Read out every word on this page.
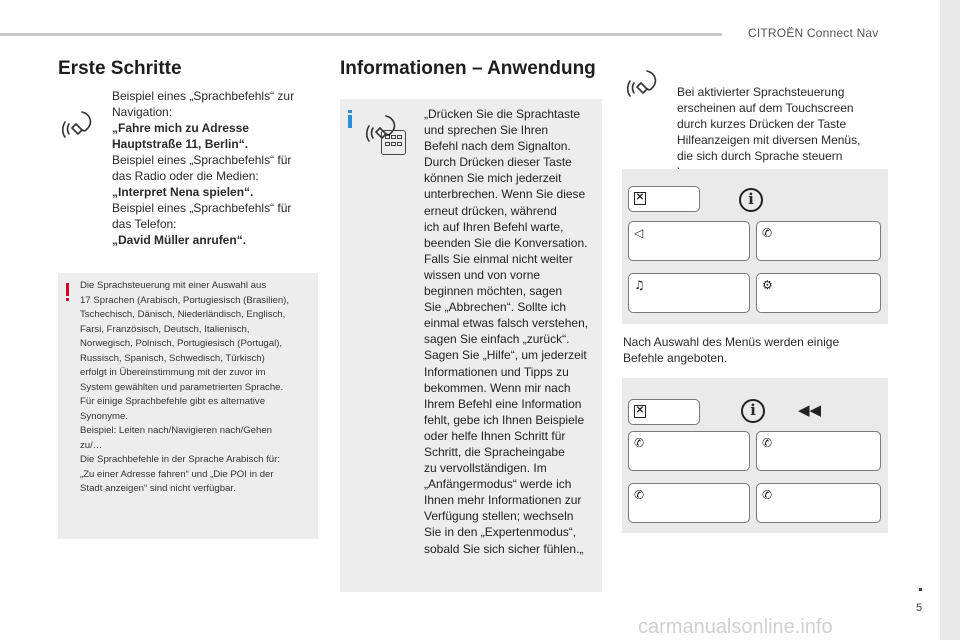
CITROËN Connect Nav
5
carmanualsonline.info
Erste Schritte
Beispiel eines „Sprachbefehls“ zur
Navigation:
„Fahre mich zu Adresse
Hauptstraße 11, Berlin“.
Beispiel eines „Sprachbefehls“ für
das Radio oder die Medien:
„Interpret Nena spielen“.
Beispiel eines „Sprachbefehls“ für
das Telefon:
„David Müller anrufen“.
Die Sprachsteuerung mit einer Auswahl aus
17 Sprachen (Arabisch, Portugiesisch (Brasilien),
Tschechisch, Dänisch, Niederländisch, Englisch,
Farsi, Französisch, Deutsch, Italienisch,
Norwegisch, Polnisch, Portugiesisch (Portugal),
Russisch, Spanisch, Schwedisch, Türkisch)
erfolgt in Übereinstimmung mit der zuvor im
System gewählten und parametrierten Sprache.
Für einige Sprachbefehle gibt es alternative
Synonyme.
Beispiel: Leiten nach/Navigieren nach/Gehen
zu/…
Die Sprachbefehle in der Sprache Arabisch für:
„Zu einer Adresse fahren“ und „Die POI in der
Stadt anzeigen“ sind nicht verfügbar.
Informationen – Anwendung
„Drücken Sie die Sprachtaste
und sprechen Sie Ihren
Befehl nach dem Signalton.
Durch Drücken dieser Taste
können Sie mich jederzeit
unterbrechen. Wenn Sie diese
erneut drücken, während
ich auf Ihren Befehl warte,
beenden Sie die Konversation.
Falls Sie einmal nicht weiter
wissen und von vorne
beginnen möchten, sagen
Sie „Abbrechen“. Sollte ich
einmal etwas falsch verstehen,
sagen Sie einfach „zurück“.
Sagen Sie „Hilfe“, um jederzeit
Informationen und Tipps zu
bekommen. Wenn mir nach
Ihrem Befehl eine Information
fehlt, gebe ich Ihnen Beispiele
oder helfe Ihnen Schritt für
Schritt, die Spracheingabe
zu vervollständigen. Im
„Anfängermodus“ werde ich
Ihnen mehr Informationen zur
Verfügung stellen; wechseln
Sie in den „Expertenmodus“,
sobald Sie sich sicher fühlen.„
Bei aktivierter Sprachsteuerung
erscheinen auf dem Touchscreen
durch kurzes Drücken der Taste
Hilfeanzeigen mit diversen Menüs,
die sich durch Sprache steuern
✕	i
◁	✆
♫	⚙
Nach Auswahl des Menüs werden einige
Befehle angeboten.
✕	i	◀◀
✆	✆
✆	✆
